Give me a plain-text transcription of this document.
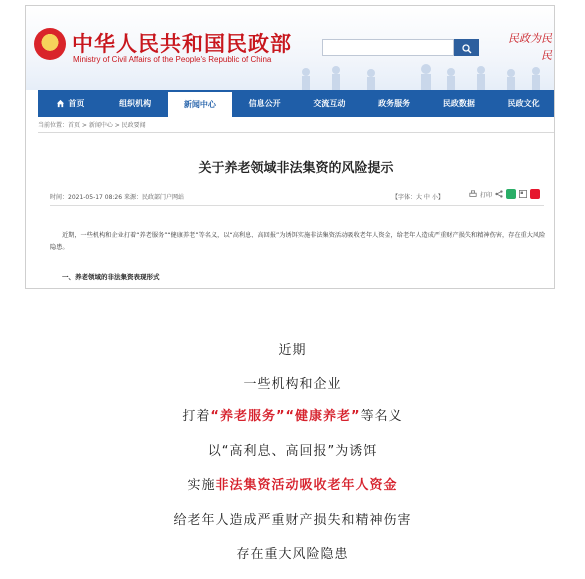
★ 中华人民共和国民政部
Ministry of Civil Affairs of the People's Republic of China
民政为民 民
首页	组织机构	新闻中心	信息公开	交流互动	政务服务	民政数据	民政文化
当前位置：首页 > 新闻中心 > 民政要闻
关于养老领域非法集资的风险提示
时间：2021-05-17 08:26 来源：民政部门户网站	【字体：大 中 小】	打印
近期，一些机构和企业打着“养老服务”“健康养老”等名义，以“高利息、高回报”为诱饵实施非法集资活动吸收老年人资金，给老年人造成严重财产损失和精神伤害，存在重大风险隐患。
一、养老领域的非法集资表现形式
近期
一些机构和企业
打着“养老服务”“健康养老”等名义
以“高利息、高回报”为诱饵
实施非法集资活动吸收老年人资金
给老年人造成严重财产损失和精神伤害
存在重大风险隐患
